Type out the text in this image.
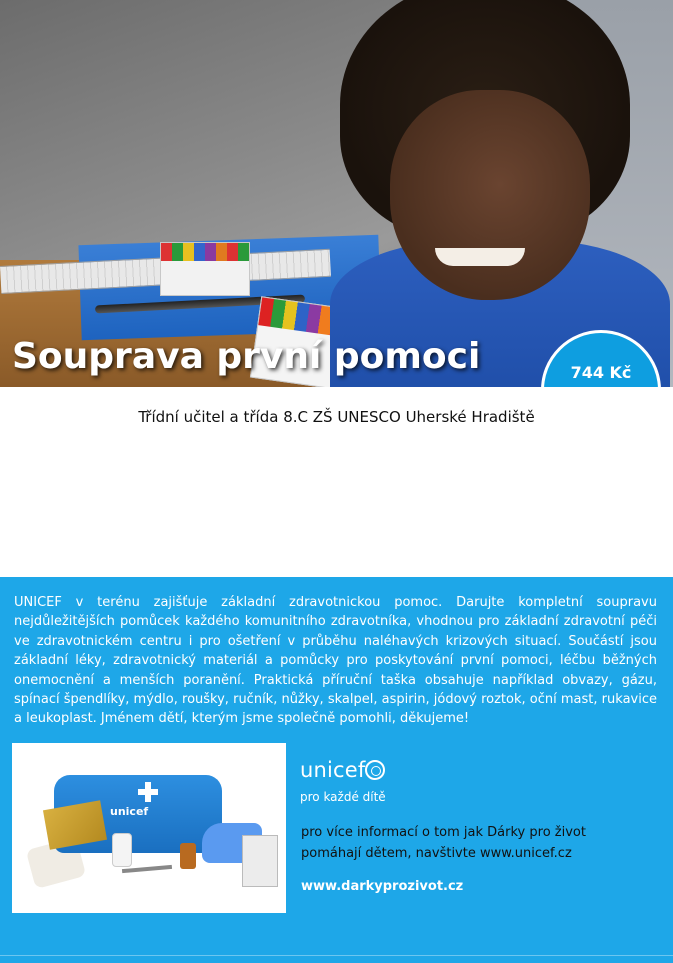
Souprava první pomoci	744 Kč
Třídní učitel a třída 8.C ZŠ UNESCO Uherské Hradiště

UNICEF v terénu zajišťuje základní zdravotnickou pomoc. Darujte kompletní soupravu nejdůležitějších pomůcek každého komunitního zdravotníka, vhodnou pro základní zdravotní péči ve zdravotnickém centru i pro ošetření v průběhu naléhavých krizových situací. Součástí jsou základní léky, zdravotnický materiál a pomůcky pro poskytování první pomoci, léčbu běžných onemocnění a menších poranění. Praktická příruční taška obsahuje například obvazy, gázu, spínací špendlíky, mýdlo, roušky, ručník, nůžky, skalpel, aspirin, jódový roztok, oční mast, rukavice a leukoplast. Jménem dětí, kterým jsme společně pomohli, děkujeme!

unicef
unicef
pro každé dítě

pro více informací o tom jak Dárky pro život pomáhají dětem, navštivte www.unicef.cz

www.darkyprozivot.cz
